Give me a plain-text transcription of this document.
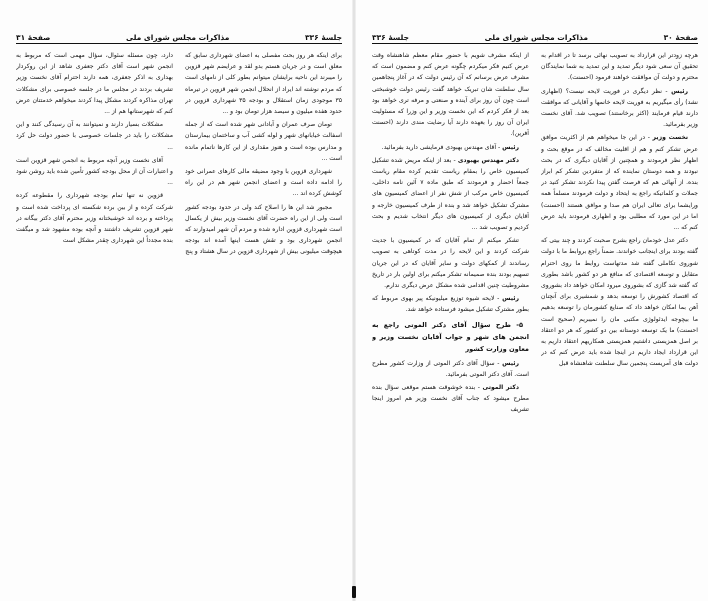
صفحهٔ ۳۱	مذاکرات مجلس شورای ملی	جلسهٔ ۳۳۶

برای اینکه هر روز بحث مفصلی به اعضای شهرداری سابق که معلق است و در جریان هستم بدو لقد و عرایضم شهر قزوین را میبرند این ناحیه برایشان میتوانم بطور کلی از نامهای است که مردم نوشته اند ایراد از انحلال انجمن شهر قزوین در تیرماه ۳۵ موجودی زمان استقلال و بودجه ۳۵ شهرداری قزوین در حدود هفده میلیون و سیصد هزار تومان بود و ...

تومان صرف عمران و آبادانی شهر شده است که از جمله اسفالت خیابانهای شهر و لوله کشی آب و ساختمان بیمارستان و مدارس بوده است و هنوز مقداری از این کارها ناتمام مانده است ...

شهرداری قزوین با وجود مضیقه مالی کارهای عمرانی خود را ادامه داده است و اعضای انجمن شهر هم در این راه کوشش کرده اند ...

مجبور شد این ها را اصلاح کند ولی در حدود بودجه کشور است ولی از این راه حضرت آقای نخست وزیر بیش از یکسال است شهرداری قزوین اداره شده و مردم آن شهر امیدوارند که انجمن شهرداری بود و تقش هست اینها آمده اند بودجه هیچوقت میلیونی بیش از شهرداری قزوین در سال هشتاد و پنج

دارد، چون مسئله سئوال، سؤال مهمی است که مربوط به انجمن شهر است آقای دکتر جعفری شاهد از این روکردار بهداری به اذکر جعفری، همه دارند احترام آقای نخست وزیر تشریف بردند در مجلس ما در جلسه خصوصی برای مشکلات تهران مذاکره کردند مشکل پیدا کردند میخواهم خدمتتان عرض کنم که شهرستانها هم از ...

مشکلات بسیار دارند و نمیتوانند به آن رسیدگی کنند و این مشکلات را باید در جلسات خصوصی با حضور دولت حل کرد ...

آقای نخست وزیر آنچه مربوط به انجمن شهر قزوین است و اعتبارات آن از محل بودجه کشور تأمین شده باید روشن شود ...

قزوین نه تنها تمام بودجه شهرداری را مقطوعه کرده شرکت کرده و از بین برده شکسته ای پرداخت شده است و پرداخته و برده اند خوشبختانه وزیر محترم آقای دکتر بیگانه در شهر قزوین تشریف داشتند و آنچه بوده مشهود شد و میگفت بنده مجدداً این شهرداری چقدر مشکل است

جلسهٔ ۳۳۶	مذاکرات مجلس شورای ملی	صفحهٔ ۳۰

هرچه زودتر این قرارداد به تصویب نهائی برسد تا در اقدام به تحقیق آن سعی شود دیگر تمدید و این تمدید به شما نمایندگان محترم و دولت آن موافقت خواهند فرمود (احسنت).

رئیس - نظر دیگری در فوریت لایحه نیست؟ (اظهاری نشد) رأی میگیریم به فوریت لایحه خانمها و آقایانی که موافقت دارند قیام فرمایند (اکثر برخاستند) تصویب شد. آقای نخست وزیر بفرمائید.

نخست وزیر - در این جا میخواهم هم از اکثریت موافق عرض تشکر کنم و هم از اقلیت مخالف که در موقع بحث و اظهار نظر فرمودند و همچنین از آقایان دیگری که در بحث نبودند و همه دوستان نماینده که از متفردین تشکر کم ابراز بنده. از آنهائی هم که فرصت گفتن پیدا نکردند تشکر کنید در جملات و کلماتیکه راجع به ایتحاد و دولت فرمودند مسلماً همه ورایشما برای تعالی ایران هم صدا و موافق هستند (احسنت) اما در این مورد که مطلبی بود و اظهاری فرمودند باید عرض کنم که ...

دکتر عدل خودمان راجع بشرح صحبت کردند و چند بیتی که گفته بودند برای اینجانب خواندند. ضمناً راجع بروابط ما با دولت شوروی تکاملی گفته شد مدتهاست روابط ما روی احترام متقابل و توسعه اقتصادی که منافع هر دو کشور باشد بطوری که گفته شد گازی که بشوروی میرود امکان خواهد داد بشوروی که اقتصاد کشورش را توسعه بدهد و شمشیری برای آنچنان آهن بما امکان خواهد داد که صنایع کشورمان را توسعه بدهیم ما بیچوجه ایدئولوژی مکتبی مان را نمیبریم (صحیح است احسنت) ما یک توسعه دوستانه بین دو کشور که هر دو اعتقاد بر اصل همزیستی داشتیم همزیستی همکاریهم اعتقاد داریم به این قرارداد ایجاد داریم در اینجا شده باید عرض کنم که در دولت های آمریست پنجمین سال سلطنت شاهنشاه قبل

از اینکه مشرف شویم با حضور مقام معظم شاهنشاه وقت عرض کنیم فکر میکردم چگونه عرض کنم و مضمون است که مشرف عرض برسانم که آن رئیس دولت که در آغاز پنجاهمین سال سلطنت شان تبریک خواهد گفت رئیس دولت خوشبختی است چون آن روز برای آینده و صنعتی و مرفه تری خواهد بود بعد از فکر کردم که این نخست وزیر و این وزرا که مسئولیت ایران آن روز را بعهده دارند آیا رضایت مندی دارند (احسنت آفرین).

رئیس - آقای مهندس بهبودی فرمایشی دارید بفرمائید.

دکتر مهندس بهبودی - بعد از اینکه مریض شده تشکیل کمیسیون خاص را بمقام ریاست تقدیم کرده مقام ریاست جمعاً احضار و فرمودند که طبق ماده ۷ آئین نامه داخلی، کمیسیون خاص مرکب از شش نفر از اعضای کمیسیون های مشترک تشکیل خواهد شد و بنده از طرف کمیسیون خارجه و آقایان دیگری از کمیسیون های دیگر انتخاب شدیم و بحث کردیم و تصویب شد ...

تشکر میکنم از تمام آقایان که در کمیسیون با جدیت شرکت کردند و این لایحه را در مدت کوتاهی به تصویب رساندند از کمکهای دولت و سایر آقایان که در این جریان تسهیم بودند بنده صمیمانه تشکر میکنم برای اولین بار در تاریخ مشروطیت چنین اقدامی شده مشکل عرض دیگری ندارم.

رئیس - لایحه شیوه توزیع میلیونیکه پیر بهوی مربوط که بطور مشترک تشکیل میشود فرستاده خواهد شد.

۵- طرح سؤال آقای دکتر الموتی راجع به انجمن های شهر و جواب آقایان نخست وزیر و معاون وزارت کشور

رئیس - سؤال آقای دکتر الموتی از وزارت کشور مطرح است. آقای دکتر الموتی بفرمائید.

دکتر الموتی - بنده خوشوقت هستم موقعی سؤال بنده مطرح میشود که جناب آقای نخست وزیر هم امروز اینجا تشریف
